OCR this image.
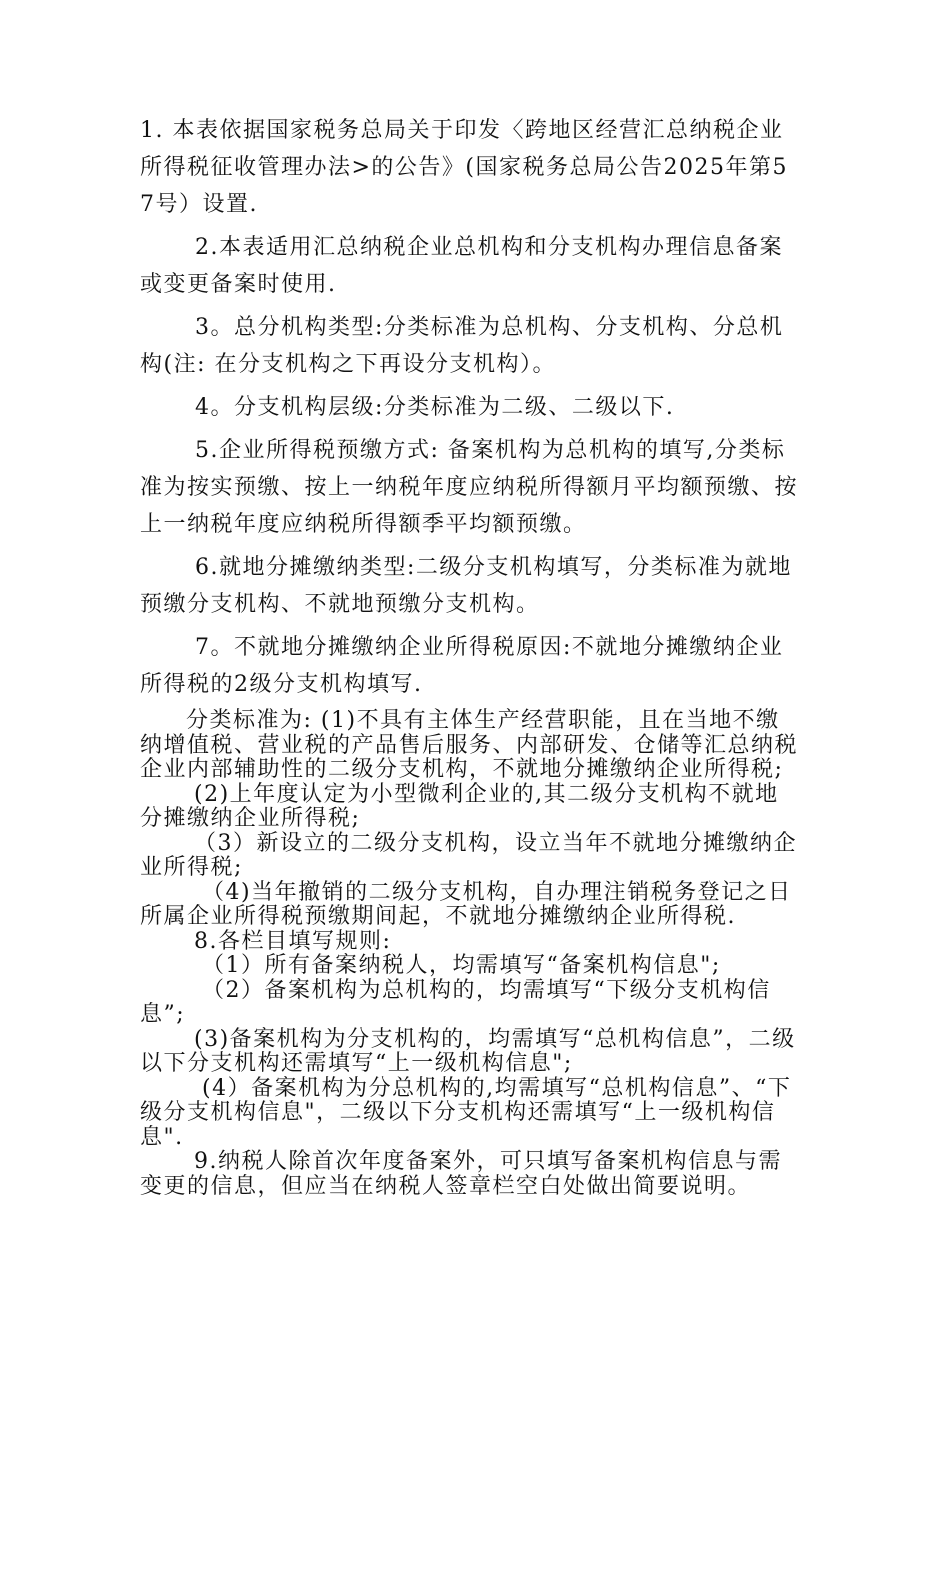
1. 本表依据国家税务总局关于印发〈跨地区经营汇总纳税企业所得税征收管理办法>的公告》(国家税务总局公告2025年第57号）设置.

2.本表适用汇总纳税企业总机构和分支机构办理信息备案或变更备案时使用.

3。总分机构类型:分类标准为总机构、分支机构、分总机构(注: 在分支机构之下再设分支机构）。

4。分支机构层级:分类标准为二级、二级以下.

5.企业所得税预缴方式: 备案机构为总机构的填写,分类标准为按实预缴、按上一纳税年度应纳税所得额月平均额预缴、按上一纳税年度应纳税所得额季平均额预缴。

6.就地分摊缴纳类型:二级分支机构填写，分类标准为就地预缴分支机构、不就地预缴分支机构。

7。不就地分摊缴纳企业所得税原因:不就地分摊缴纳企业所得税的2级分支机构填写.

分类标准为: (1)不具有主体生产经营职能，且在当地不缴纳增值税、营业税的产品售后服务、内部研发、仓储等汇总纳税企业内部辅助性的二级分支机构，不就地分摊缴纳企业所得税;

(2)上年度认定为小型微利企业的,其二级分支机构不就地分摊缴纳企业所得税;

（3）新设立的二级分支机构，设立当年不就地分摊缴纳企业所得税;

（4)当年撤销的二级分支机构，自办理注销税务登记之日所属企业所得税预缴期间起，不就地分摊缴纳企业所得税.

8.各栏目填写规则:

（1）所有备案纳税人，均需填写“备案机构信息";

（2）备案机构为总机构的，均需填写“下级分支机构信息”;

(3)备案机构为分支机构的，均需填写“总机构信息”，二级以下分支机构还需填写“上一级机构信息";

(4）备案机构为分总机构的,均需填写“总机构信息”、“下级分支机构信息"，二级以下分支机构还需填写“上一级机构信息".

9.纳税人除首次年度备案外，可只填写备案机构信息与需变更的信息，但应当在纳税人签章栏空白处做出简要说明。
